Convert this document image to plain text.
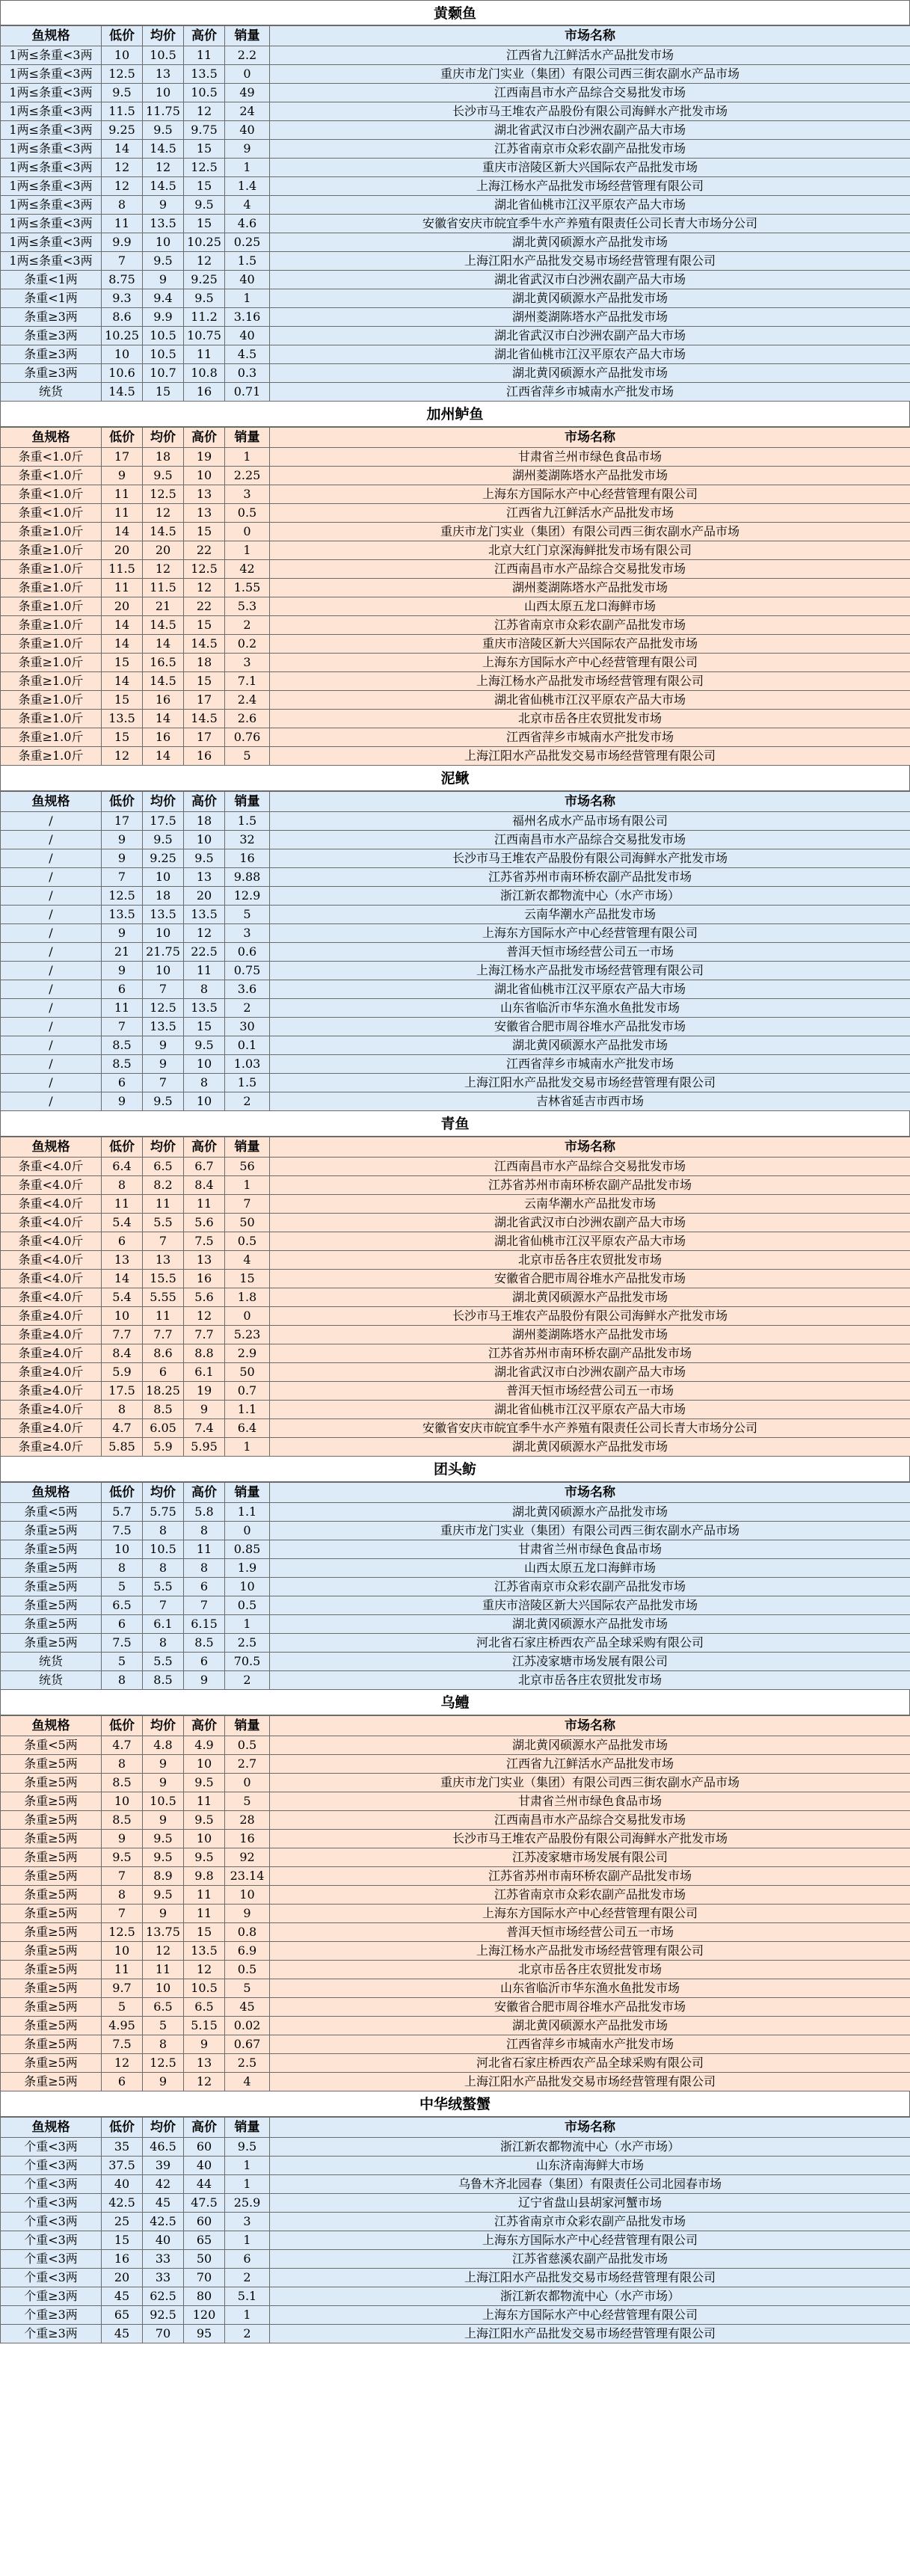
黄颡鱼
鱼规格	低价	均价	高价	销量	市场名称
1两≤条重<3两	10	10.5	11	2.2	江西省九江鲜活水产品批发市场
1两≤条重<3两	12.5	13	13.5	0	重庆市龙门实业（集团）有限公司西三街农副水产品市场
1两≤条重<3两	9.5	10	10.5	49	江西南昌市水产品综合交易批发市场
1两≤条重<3两	11.5	11.75	12	24	长沙市马王堆农产品股份有限公司海鲜水产批发市场
1两≤条重<3两	9.25	9.5	9.75	40	湖北省武汉市白沙洲农副产品大市场
1两≤条重<3两	14	14.5	15	9	江苏省南京市众彩农副产品批发市场
1两≤条重<3两	12	12	12.5	1	重庆市涪陵区新大兴国际农产品批发市场
1两≤条重<3两	12	14.5	15	1.4	上海江杨水产品批发市场经营管理有限公司
1两≤条重<3两	8	9	9.5	4	湖北省仙桃市江汉平原农产品大市场
1两≤条重<3两	11	13.5	15	4.6	安徽省安庆市皖宜季牛水产养殖有限责任公司长青大市场分公司
1两≤条重<3两	9.9	10	10.25	0.25	湖北黄冈硕源水产品批发市场
1两≤条重<3两	7	9.5	12	1.5	上海江阳水产品批发交易市场经营管理有限公司
条重<1两	8.75	9	9.25	40	湖北省武汉市白沙洲农副产品大市场
条重<1两	9.3	9.4	9.5	1	湖北黄冈硕源水产品批发市场
条重≥3两	8.6	9.9	11.2	3.16	湖州菱湖陈塔水产品批发市场
条重≥3两	10.25	10.5	10.75	40	湖北省武汉市白沙洲农副产品大市场
条重≥3两	10	10.5	11	4.5	湖北省仙桃市江汉平原农产品大市场
条重≥3两	10.6	10.7	10.8	0.3	湖北黄冈硕源水产品批发市场
统货	14.5	15	16	0.71	江西省萍乡市城南水产批发市场
加州鲈鱼
鱼规格	低价	均价	高价	销量	市场名称
条重<1.0斤	17	18	19	1	甘肃省兰州市绿色食品市场
条重<1.0斤	9	9.5	10	2.25	湖州菱湖陈塔水产品批发市场
条重<1.0斤	11	12.5	13	3	上海东方国际水产中心经营管理有限公司
条重<1.0斤	11	12	13	0.5	江西省九江鲜活水产品批发市场
条重≥1.0斤	14	14.5	15	0	重庆市龙门实业（集团）有限公司西三街农副水产品市场
条重≥1.0斤	20	20	22	1	北京大红门京深海鲜批发市场有限公司
条重≥1.0斤	11.5	12	12.5	42	江西南昌市水产品综合交易批发市场
条重≥1.0斤	11	11.5	12	1.55	湖州菱湖陈塔水产品批发市场
条重≥1.0斤	20	21	22	5.3	山西太原五龙口海鲜市场
条重≥1.0斤	14	14.5	15	2	江苏省南京市众彩农副产品批发市场
条重≥1.0斤	14	14	14.5	0.2	重庆市涪陵区新大兴国际农产品批发市场
条重≥1.0斤	15	16.5	18	3	上海东方国际水产中心经营管理有限公司
条重≥1.0斤	14	14.5	15	7.1	上海江杨水产品批发市场经营管理有限公司
条重≥1.0斤	15	16	17	2.4	湖北省仙桃市江汉平原农产品大市场
条重≥1.0斤	13.5	14	14.5	2.6	北京市岳各庄农贸批发市场
条重≥1.0斤	15	16	17	0.76	江西省萍乡市城南水产批发市场
条重≥1.0斤	12	14	16	5	上海江阳水产品批发交易市场经营管理有限公司
泥鳅
鱼规格	低价	均价	高价	销量	市场名称
/	17	17.5	18	1.5	福州名成水产品市场有限公司
/	9	9.5	10	32	江西南昌市水产品综合交易批发市场
/	9	9.25	9.5	16	长沙市马王堆农产品股份有限公司海鲜水产批发市场
/	7	10	13	9.88	江苏省苏州市南环桥农副产品批发市场
/	12.5	18	20	12.9	浙江新农都物流中心（水产市场）
/	13.5	13.5	13.5	5	云南华潮水产品批发市场
/	9	10	12	3	上海东方国际水产中心经营管理有限公司
/	21	21.75	22.5	0.6	普洱天恒市场经营公司五一市场
/	9	10	11	0.75	上海江杨水产品批发市场经营管理有限公司
/	6	7	8	3.6	湖北省仙桃市江汉平原农产品大市场
/	11	12.5	13.5	2	山东省临沂市华东渔水鱼批发市场
/	7	13.5	15	30	安徽省合肥市周谷堆水产品批发市场
/	8.5	9	9.5	0.1	湖北黄冈硕源水产品批发市场
/	8.5	9	10	1.03	江西省萍乡市城南水产批发市场
/	6	7	8	1.5	上海江阳水产品批发交易市场经营管理有限公司
/	9	9.5	10	2	吉林省延吉市西市场
青鱼
鱼规格	低价	均价	高价	销量	市场名称
条重<4.0斤	6.4	6.5	6.7	56	江西南昌市水产品综合交易批发市场
条重<4.0斤	8	8.2	8.4	1	江苏省苏州市南环桥农副产品批发市场
条重<4.0斤	11	11	11	7	云南华潮水产品批发市场
条重<4.0斤	5.4	5.5	5.6	50	湖北省武汉市白沙洲农副产品大市场
条重<4.0斤	6	7	7.5	0.5	湖北省仙桃市江汉平原农产品大市场
条重<4.0斤	13	13	13	4	北京市岳各庄农贸批发市场
条重<4.0斤	14	15.5	16	15	安徽省合肥市周谷堆水产品批发市场
条重<4.0斤	5.4	5.55	5.6	1.8	湖北黄冈硕源水产品批发市场
条重≥4.0斤	10	11	12	0	长沙市马王堆农产品股份有限公司海鲜水产批发市场
条重≥4.0斤	7.7	7.7	7.7	5.23	湖州菱湖陈塔水产品批发市场
条重≥4.0斤	8.4	8.6	8.8	2.9	江苏省苏州市南环桥农副产品批发市场
条重≥4.0斤	5.9	6	6.1	50	湖北省武汉市白沙洲农副产品大市场
条重≥4.0斤	17.5	18.25	19	0.7	普洱天恒市场经营公司五一市场
条重≥4.0斤	8	8.5	9	1.1	湖北省仙桃市江汉平原农产品大市场
条重≥4.0斤	4.7	6.05	7.4	6.4	安徽省安庆市皖宜季牛水产养殖有限责任公司长青大市场分公司
条重≥4.0斤	5.85	5.9	5.95	1	湖北黄冈硕源水产品批发市场
团头鲂
鱼规格	低价	均价	高价	销量	市场名称
条重<5两	5.7	5.75	5.8	1.1	湖北黄冈硕源水产品批发市场
条重≥5两	7.5	8	8	0	重庆市龙门实业（集团）有限公司西三街农副水产品市场
条重≥5两	10	10.5	11	0.85	甘肃省兰州市绿色食品市场
条重≥5两	8	8	8	1.9	山西太原五龙口海鲜市场
条重≥5两	5	5.5	6	10	江苏省南京市众彩农副产品批发市场
条重≥5两	6.5	7	7	0.5	重庆市涪陵区新大兴国际农产品批发市场
条重≥5两	6	6.1	6.15	1	湖北黄冈硕源水产品批发市场
条重≥5两	7.5	8	8.5	2.5	河北省石家庄桥西农产品全球采购有限公司
统货	5	5.5	6	70.5	江苏凌家塘市场发展有限公司
统货	8	8.5	9	2	北京市岳各庄农贸批发市场
乌鳢
鱼规格	低价	均价	高价	销量	市场名称
条重<5两	4.7	4.8	4.9	0.5	湖北黄冈硕源水产品批发市场
条重≥5两	8	9	10	2.7	江西省九江鲜活水产品批发市场
条重≥5两	8.5	9	9.5	0	重庆市龙门实业（集团）有限公司西三街农副水产品市场
条重≥5两	10	10.5	11	5	甘肃省兰州市绿色食品市场
条重≥5两	8.5	9	9.5	28	江西南昌市水产品综合交易批发市场
条重≥5两	9	9.5	10	16	长沙市马王堆农产品股份有限公司海鲜水产批发市场
条重≥5两	9.5	9.5	9.5	92	江苏凌家塘市场发展有限公司
条重≥5两	7	8.9	9.8	23.14	江苏省苏州市南环桥农副产品批发市场
条重≥5两	8	9.5	11	10	江苏省南京市众彩农副产品批发市场
条重≥5两	7	9	11	9	上海东方国际水产中心经营管理有限公司
条重≥5两	12.5	13.75	15	0.8	普洱天恒市场经营公司五一市场
条重≥5两	10	12	13.5	6.9	上海江杨水产品批发市场经营管理有限公司
条重≥5两	11	11	12	0.5	北京市岳各庄农贸批发市场
条重≥5两	9.7	10	10.5	5	山东省临沂市华东渔水鱼批发市场
条重≥5两	5	6.5	6.5	45	安徽省合肥市周谷堆水产品批发市场
条重≥5两	4.95	5	5.15	0.02	湖北黄冈硕源水产品批发市场
条重≥5两	7.5	8	9	0.67	江西省萍乡市城南水产批发市场
条重≥5两	12	12.5	13	2.5	河北省石家庄桥西农产品全球采购有限公司
条重≥5两	6	9	12	4	上海江阳水产品批发交易市场经营管理有限公司
中华绒螯蟹
鱼规格	低价	均价	高价	销量	市场名称
个重<3两	35	46.5	60	9.5	浙江新农都物流中心（水产市场）
个重<3两	37.5	39	40	1	山东济南海鲜大市场
个重<3两	40	42	44	1	乌鲁木齐北园春（集团）有限责任公司北园春市场
个重<3两	42.5	45	47.5	25.9	辽宁省盘山县胡家河蟹市场
个重<3两	25	42.5	60	3	江苏省南京市众彩农副产品批发市场
个重<3两	15	40	65	1	上海东方国际水产中心经营管理有限公司
个重<3两	16	33	50	6	江苏省慈溪农副产品批发市场
个重<3两	20	33	70	2	上海江阳水产品批发交易市场经营管理有限公司
个重≥3两	45	62.5	80	5.1	浙江新农都物流中心（水产市场）
个重≥3两	65	92.5	120	1	上海东方国际水产中心经营管理有限公司
个重≥3两	45	70	95	2	上海江阳水产品批发交易市场经营管理有限公司
